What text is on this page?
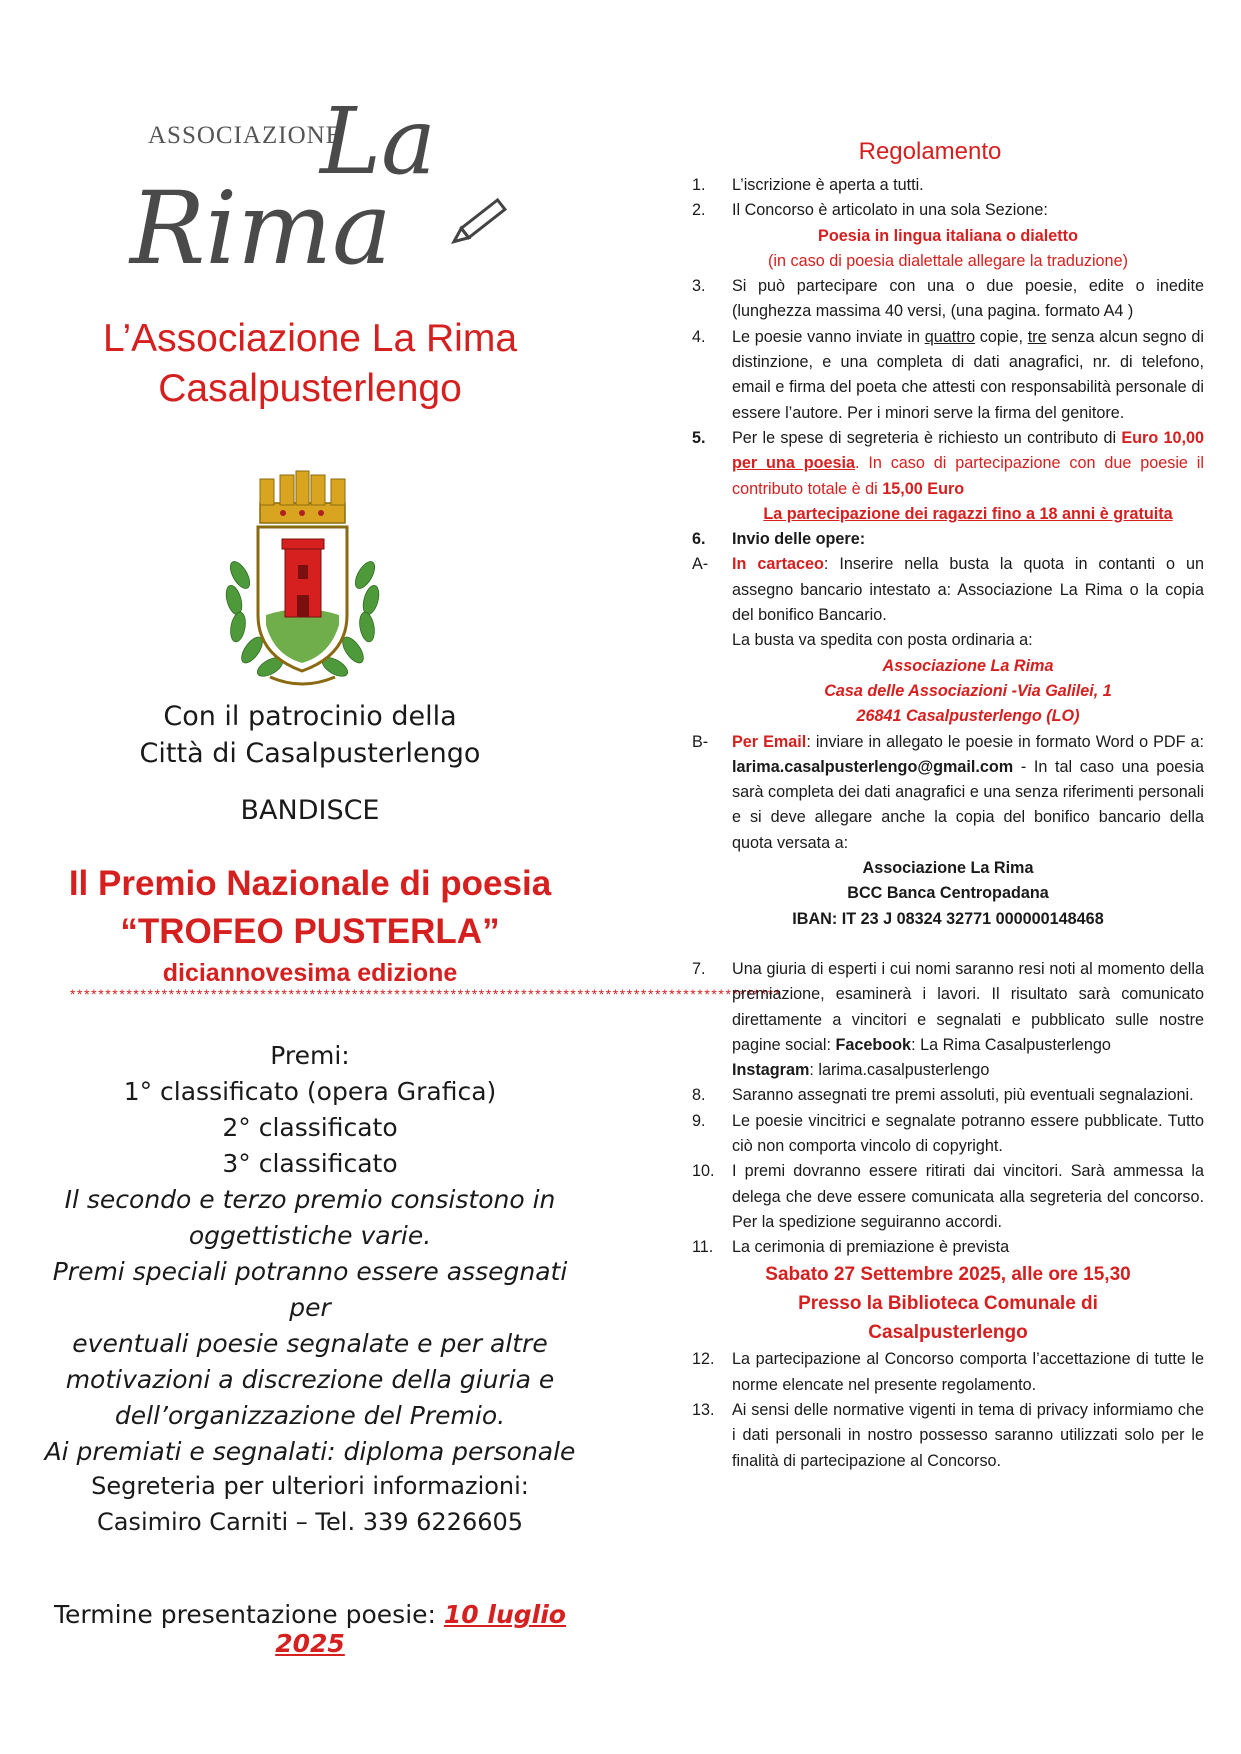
ASSOCIAZIONE
La
Rima
L’Associazione La Rima
Casalpusterlengo
Con il patrocinio della
Città di Casalpusterlengo
BANDISCE
Il Premio Nazionale di poesia
“TROFEO PUSTERLA”
diciannovesima edizione
*****************************************************************************************************
Premi:
1° classificato (opera Grafica)
2° classificato
3° classificato
Il secondo e terzo premio consistono in
oggettistiche varie.
Premi speciali potranno essere assegnati per
eventuali poesie segnalate e per altre
motivazioni a discrezione della giuria e
dell’organizzazione del Premio.
Ai premiati e segnalati: diploma personale
Segreteria per ulteriori informazioni:
Casimiro Carniti – Tel. 339 6226605
Termine presentazione poesie: 10 luglio 2025
Regolamento
1.	L’iscrizione è aperta a tutti.
2.	Il Concorso è articolato in una sola Sezione:
Poesia in lingua italiana o dialetto
(in caso di poesia dialettale allegare la traduzione)
3.	Si può partecipare con una o due poesie, edite o inedite (lunghezza massima 40 versi, (una pagina. formato A4 )
4.	Le poesie vanno inviate in quattro copie, tre senza alcun segno di distinzione, e una completa di dati anagrafici, nr. di telefono, email e firma del poeta che attesti con responsabilità personale di essere l’autore. Per i minori serve la firma del genitore.
5.	Per le spese di segreteria è richiesto un contributo di Euro 10,00 per una poesia. In caso di partecipazione con due poesie il contributo totale è di 15,00 Euro
La partecipazione dei ragazzi fino a 18 anni è gratuita
6.	Invio delle opere:
A-	In cartaceo: Inserire nella busta la quota in contanti o un assegno bancario intestato a: Associazione La Rima o la copia del bonifico Bancario.
La busta va spedita con posta ordinaria a:
Associazione La Rima
Casa delle Associazioni -Via Galilei, 1
26841 Casalpusterlengo (LO)
B-	Per Email: inviare in allegato le poesie in formato Word o PDF a: larima.casalpusterlengo@gmail.com - In tal caso una poesia sarà completa dei dati anagrafici e una senza riferimenti personali e si deve allegare anche la copia del bonifico bancario della quota versata a:
Associazione La Rima
BCC Banca Centropadana
IBAN: IT 23 J 08324 32771 000000148468
7.	Una giuria di esperti i cui nomi saranno resi noti al momento della premiazione, esaminerà i lavori. Il risultato sarà comunicato direttamente a vincitori e segnalati e pubblicato sulle nostre pagine social: Facebook: La Rima Casalpusterlengo
Instagram: larima.casalpusterlengo
8.	Saranno assegnati tre premi assoluti, più eventuali segnalazioni.
9.	Le poesie vincitrici e segnalate potranno essere pubblicate. Tutto ciò non comporta vincolo di copyright.
10.	I premi dovranno essere ritirati dai vincitori. Sarà ammessa la delega che deve essere comunicata alla segreteria del concorso. Per la spedizione seguiranno accordi.
11.	La cerimonia di premiazione è prevista
Sabato 27 Settembre 2025, alle ore 15,30
Presso la Biblioteca Comunale di
Casalpusterlengo
12.	La partecipazione al Concorso comporta l’accettazione di tutte le norme elencate nel presente regolamento.
13.	Ai sensi delle normative vigenti in tema di privacy informiamo che i dati personali in nostro possesso saranno utilizzati solo per le finalità di partecipazione al Concorso.
